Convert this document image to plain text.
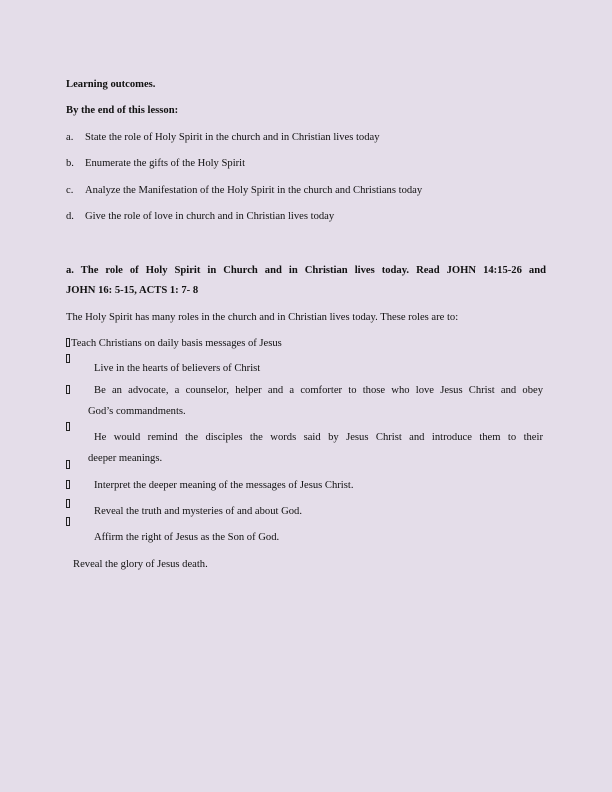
Learning outcomes.
By the end of this lesson:
a. State the role of Holy Spirit in the church and in Christian lives today
b. Enumerate the gifts of the Holy Spirit
c. Analyze the Manifestation of the Holy Spirit in the church and Christians today
d. Give the role of love in church and in Christian lives today
a. The role of Holy Spirit in Church and in Christian lives today. Read JOHN 14:15-26 and
JOHN 16: 5-15, ACTS 1: 7- 8
The Holy Spirit has many roles in the church and in Christian lives today. These roles are to:
Teach Christians on daily basis messages of Jesus
Live in the hearts of believers of Christ
Be an advocate, a counselor, helper and a comforter to those who love Jesus Christ and obey
God’s commandments.
He would remind the disciples the words said by Jesus Christ and introduce them to their
deeper meanings.
Interpret the deeper meaning of the messages of Jesus Christ.
Reveal the truth and mysteries of and about God.
Affirm the right of Jesus as the Son of God.
Reveal the glory of Jesus death.
